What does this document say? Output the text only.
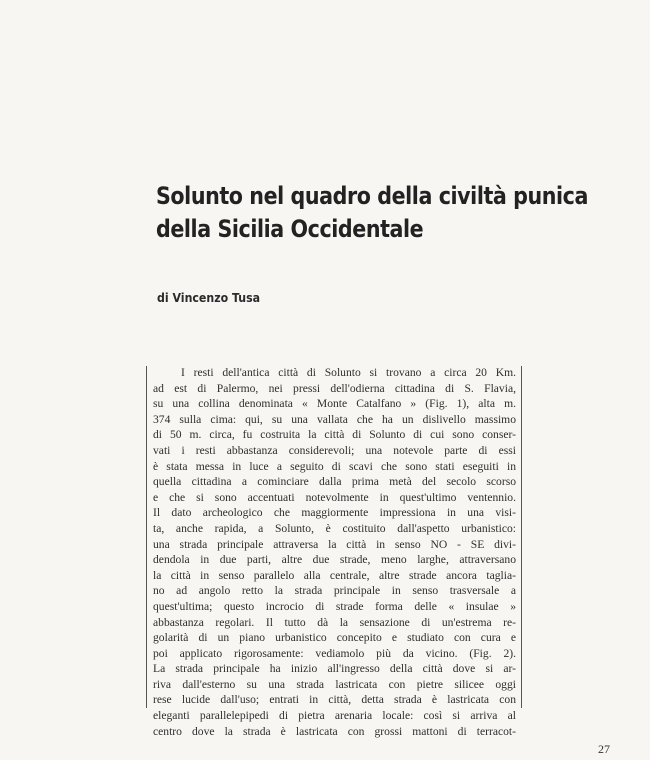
Solunto nel quadro della civiltà punica
della Sicilia Occidentale
di Vincenzo Tusa
I resti dell'antica città di Solunto si trovano a circa 20 Km.
ad est di Palermo, nei pressi dell'odierna cittadina di S. Flavia,
su una collina denominata « Monte Catalfano » (Fig. 1), alta m.
374 sulla cima: qui, su una vallata che ha un dislivello massimo
di 50 m. circa, fu costruita la città di Solunto di cui sono conser-
vati i resti abbastanza considerevoli; una notevole parte di essi
è stata messa in luce a seguito di scavi che sono stati eseguiti in
quella cittadina a cominciare dalla prima metà del secolo scorso
e che si sono accentuati notevolmente in quest'ultimo ventennio.
Il dato archeologico che maggiormente impressiona in una visi-
ta, anche rapida, a Solunto, è costituito dall'aspetto urbanistico:
una strada principale attraversa la città in senso NO - SE divi-
dendola in due parti, altre due strade, meno larghe, attraversano
la città in senso parallelo alla centrale, altre strade ancora taglia-
no ad angolo retto la strada principale in senso trasversale a
quest'ultima; questo incrocio di strade forma delle « insulae »
abbastanza regolari. Il tutto dà la sensazione di un'estrema re-
golarità di un piano urbanistico concepito e studiato con cura e
poi applicato rigorosamente: vediamolo più da vicino. (Fig. 2).
La strada principale ha inizio all'ingresso della città dove si ar-
riva dall'esterno su una strada lastricata con pietre silicee oggi
rese lucide dall'uso; entrati in città, detta strada è lastricata con
eleganti parallelepipedi di pietra arenaria locale: così si arriva al
centro dove la strada è lastricata con grossi mattoni di terracot-
27
